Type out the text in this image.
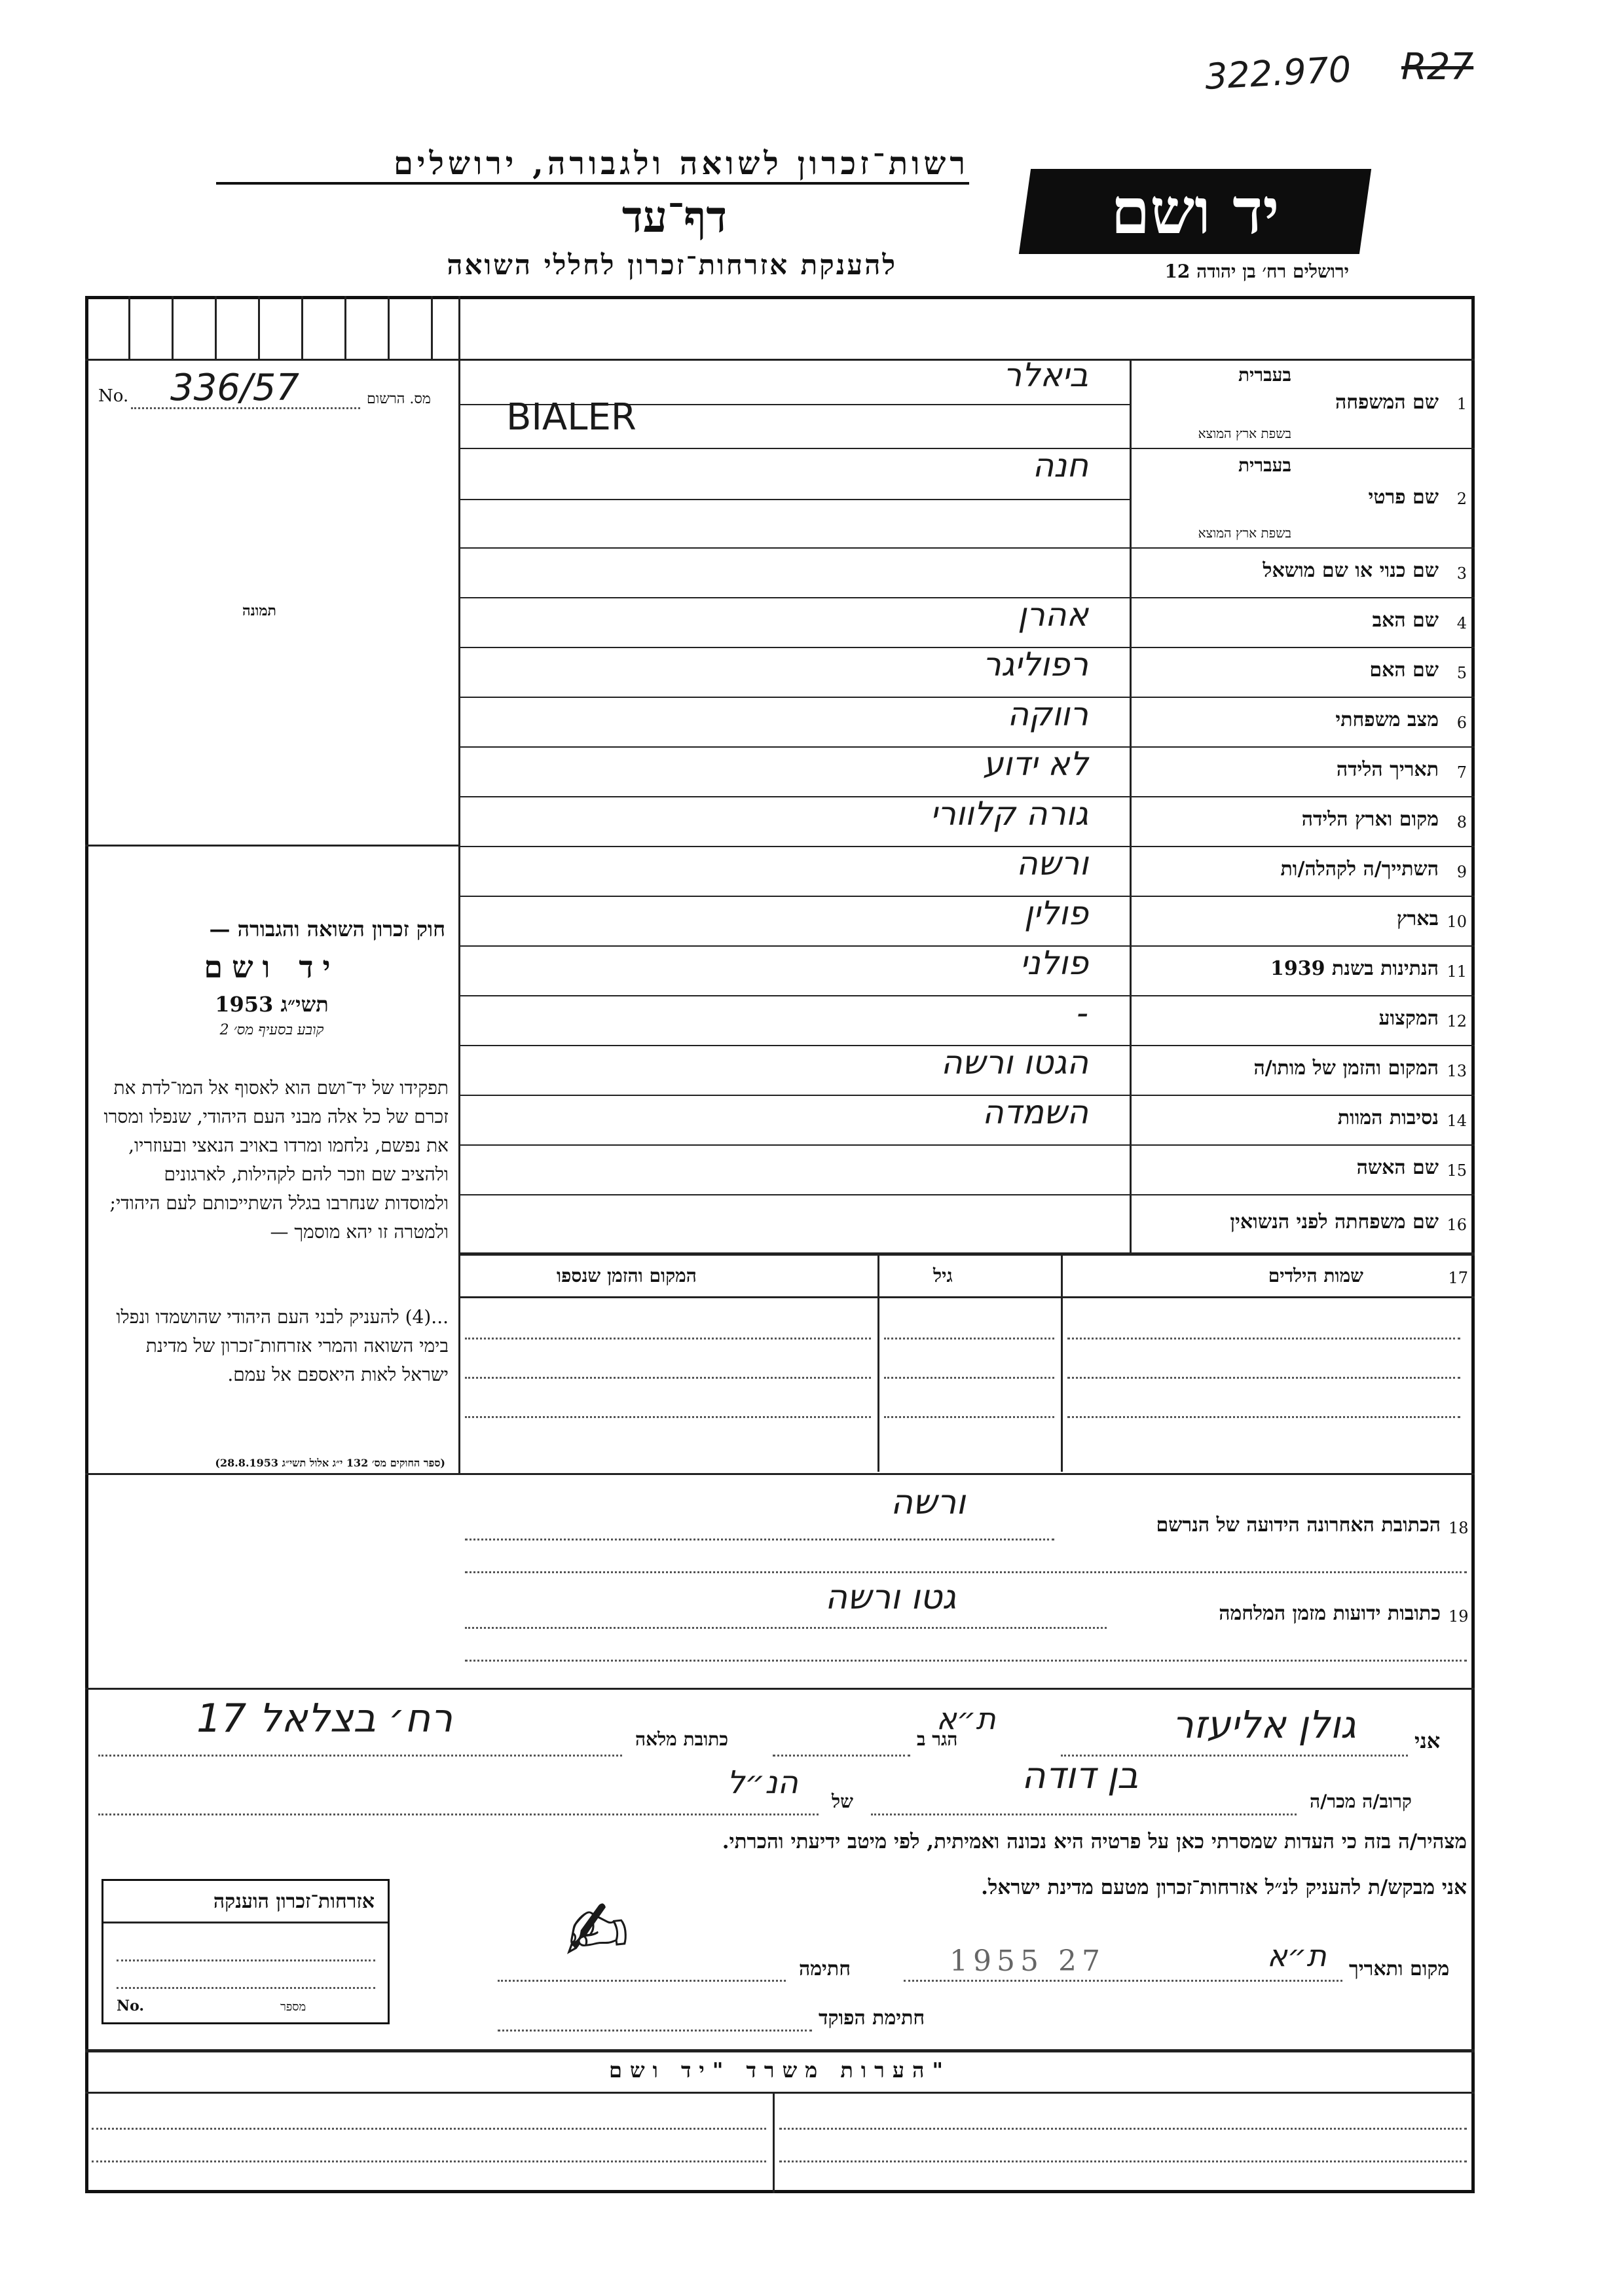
322.970 R27
רשות־זכרון לשואה ולגבורה, ירושלים
דף־עד
להענקת אזרחות־זכרון לחללי השואה
יד ושם
ירושלים רח׳ בן יהודה 12
No. 336/57	מס. הרשום
תמונה
חוק זכרון השואה והגבורה —
יד ושם
תשי״ג 1953
קובע בסעיף מס׳ 2
תפקידו של יד־ושם הוא לאסוף אל המו־לדת את זכרם של כל אלה מבני העם היהודי, שנפלו ומסרו את נפשם, נלחמו ומרדו באויב הנאצי ובעוזריו, ולהציב שם וזכר להם לקהילות, לארגונים ולמוסדות שנחרבו בגלל השתייכותם לעם היהודי; ולמטרה זו יהא מוסמך —
...(4) להעניק לבני העם היהודי שהושמדו ונפלו בימי השואה והמרי אזרחות־זכרון של מדינת ישראל לאות היאספם אל עמם.
(ספר החוקים מס׳ 132 י״ג אלול תשי״ג 28.8.1953)
1
שם המשפחה
בעברית
בשפת ארץ המוצא
ביאלר
BIALER
2
שם פרטי
בעברית
בשפת ארץ המוצא
חנה
3
שם כנוי או שם מושאל
4
שם האב
אהרן
5
שם האם
רפוליגר
6
מצב משפחתי
רווקה
7
תאריך הלידה
לא ידוע
8
מקום וארץ הלידה
גורה קלוורי
9
השתייך/ה לקהלה/ות
ורשה
10
בארץ
פולין
11
הנתינות בשנת 1939
פולני
12
המקצוע
-
13
המקום והזמן של מותו/ה
הגטו ורשה
14
נסיבות המוות
השמדה
15
שם האשה
16
שם משפחתה לפני הנשואין
17
שמות הילדים
גיל
המקום והזמן שנספו
18
הכתובת האחרונה הידועה של הנרשם
ורשה
19
כתובות ידועות מזמן המלחמה
גטו ורשה
אני
גולן אליעזר
הגר ב
ת״א
כתובת מלאה
רח׳ בצלאל 17
קרוב/ה מכר/ה
בן דודה
של
הנ״ל
מצהיר/ה בזה כי העדות שמסרתי כאן על פרטיה היא נכונה ואמיתית, לפי מיטב ידיעתי והכרתי.
אני מבקש/ת להעניק לנ״ל אזרחות־זכרון מטעם מדינת ישראל.
אזרחות־זכרון הוענקה
No.	מספר
מקום ותאריך
ת״א
1955 27
חתימה
✍
חתימת הפוקד
הערות משרד "יד ושם"
